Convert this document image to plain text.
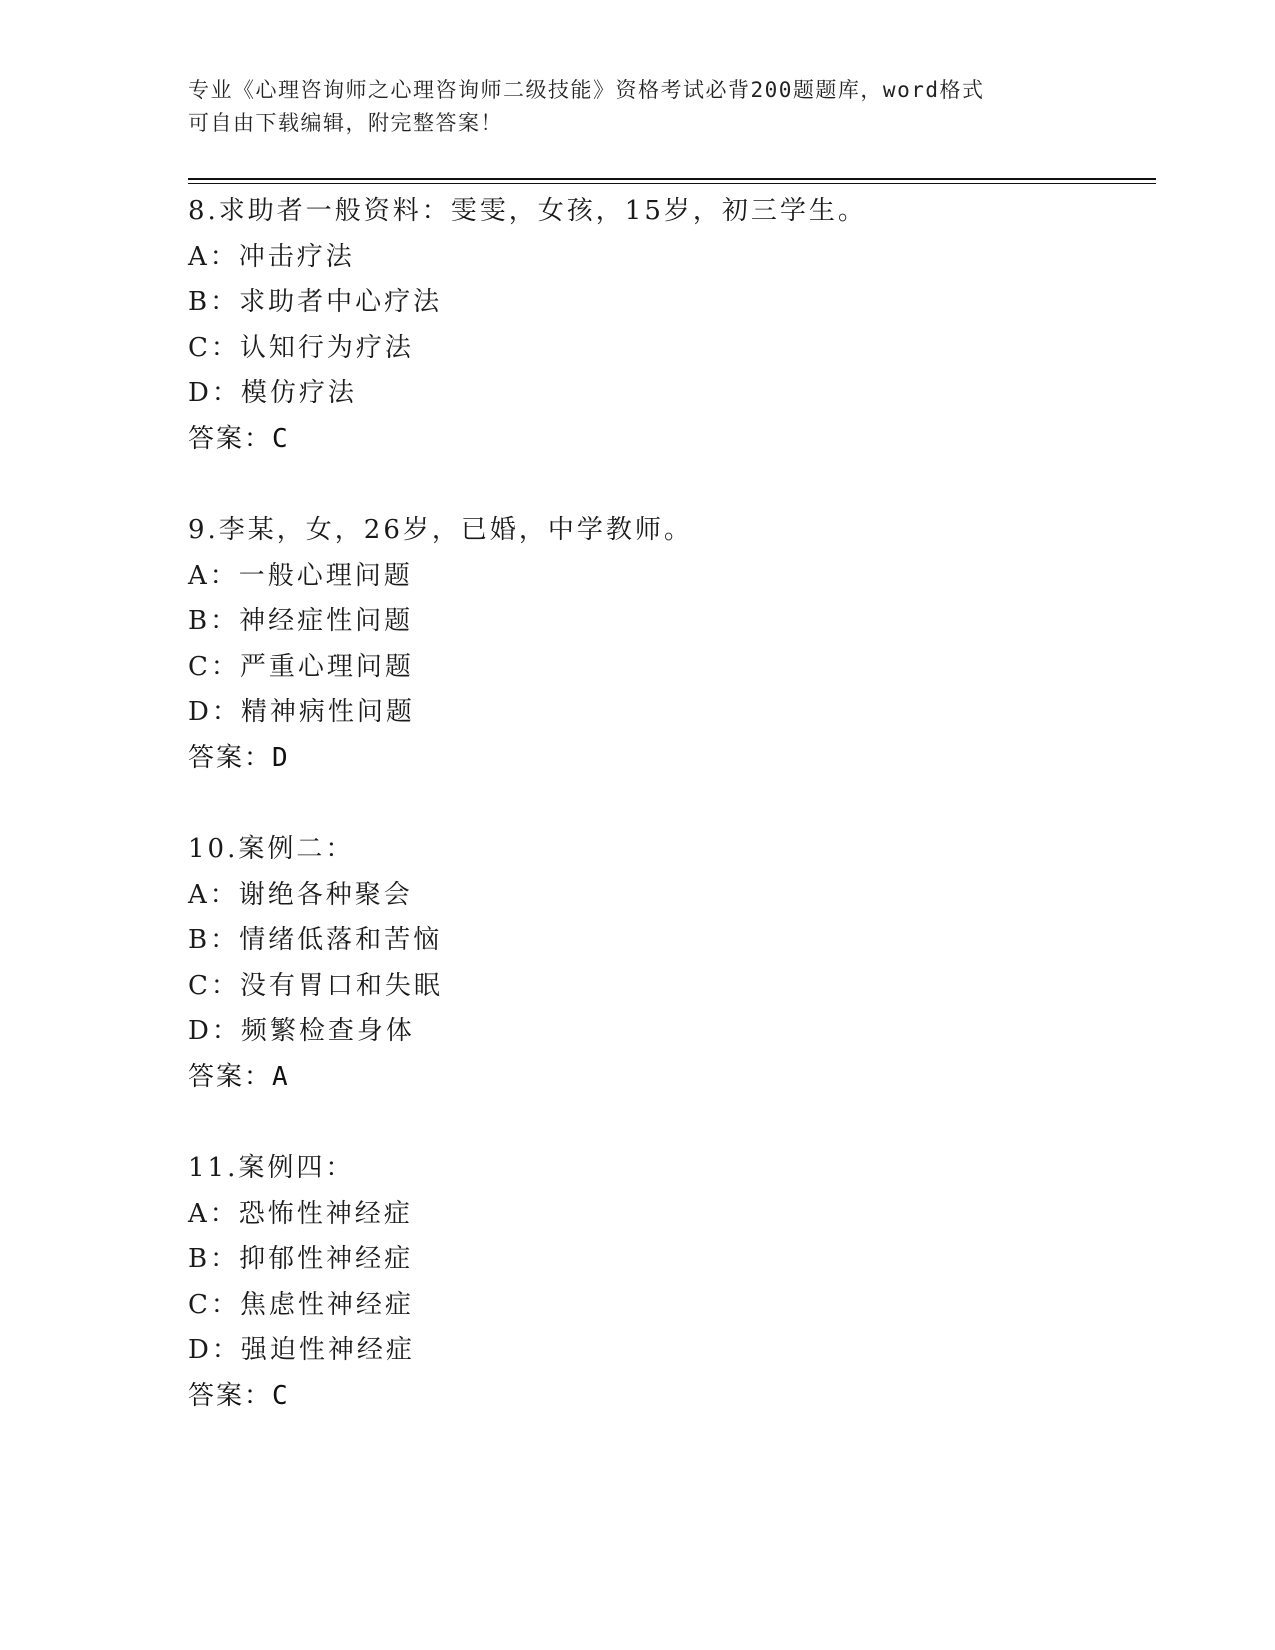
专业《心理咨询师之心理咨询师二级技能》资格考试必背200题题库，word格式
可自由下载编辑，附完整答案！
8.求助者一般资料：雯雯，女孩，15岁，初三学生。
A：冲击疗法
B：求助者中心疗法
C：认知行为疗法
D：模仿疗法
答案：C
9.李某，女，26岁，已婚，中学教师。
A：一般心理问题
B：神经症性问题
C：严重心理问题
D：精神病性问题
答案：D
10.案例二：
A：谢绝各种聚会
B：情绪低落和苦恼
C：没有胃口和失眠
D：频繁检查身体
答案：A
11.案例四：
A：恐怖性神经症
B：抑郁性神经症
C：焦虑性神经症
D：强迫性神经症
答案：C
